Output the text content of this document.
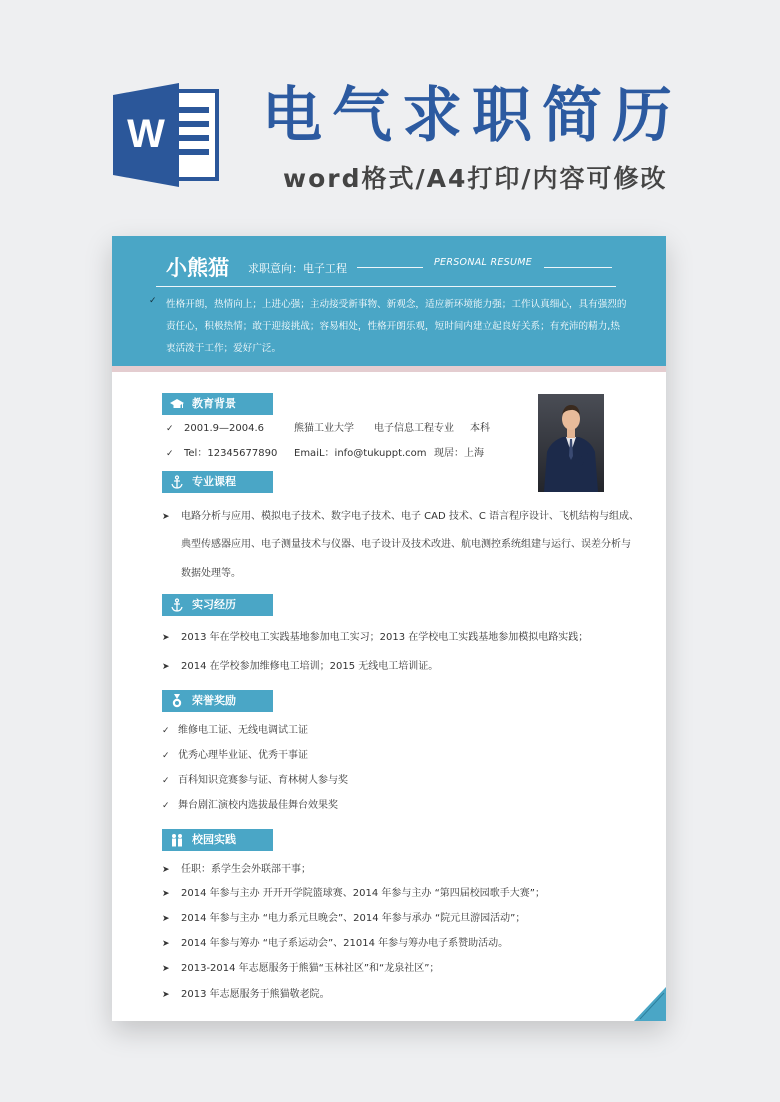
W 电气求职简历
word格式/A4打印/内容可修改
小熊猫 求职意向：电子工程	PERSONAL RESUME
✓ 性格开朗，热情向上；上进心强；主动接受新事物、新观念，适应新环境能力强；工作认真细心，具有强烈的
责任心，积极热情；敢于迎接挑战；容易相处，性格开朗乐观，短时间内建立起良好关系；有充沛的精力,热
衷活泼于工作；爱好广泛。
教育背景
✓ 2001.9—2004.6	熊猫工业大学 电子信息工程专业 本科
✓ Tel：12345677890 EmaiL：info@tukuppt.com 现居：上海
专业课程
➤ 电路分析与应用、模拟电子技术、数字电子技术、电子 CAD 技术、C 语言程序设计、飞机结构与组成、
典型传感器应用、电子测量技术与仪器、电子设计及技术改进、航电测控系统组建与运行、误差分析与
数据处理等。
实习经历
➤ 2013 年在学校电工实践基地参加电工实习；2013 在学校电工实践基地参加模拟电路实践；
➤ 2014 在学校参加维修电工培训；2015 无线电工培训证。
荣誉奖励
✓ 维修电工证、无线电调试工证
✓ 优秀心理毕业证、优秀干事证
✓ 百科知识竞赛参与证、育林树人参与奖
✓ 舞台剧汇演校内选拔最佳舞台效果奖
校园实践
➤ 任职：系学生会外联部干事；
➤ 2014 年参与主办 开开开学院篮球赛、2014 年参与主办 “第四届校园歌手大赛”；
➤ 2014 年参与主办 “电力系元旦晚会”、2014 年参与承办 “院元旦游园活动”；
➤ 2014 年参与筹办 “电子系运动会”、21014 年参与筹办电子系赞助活动。
➤ 2013-2014 年志愿服务于熊猫“玉林社区”和“龙泉社区”；
➤ 2013 年志愿服务于熊猫敬老院。
